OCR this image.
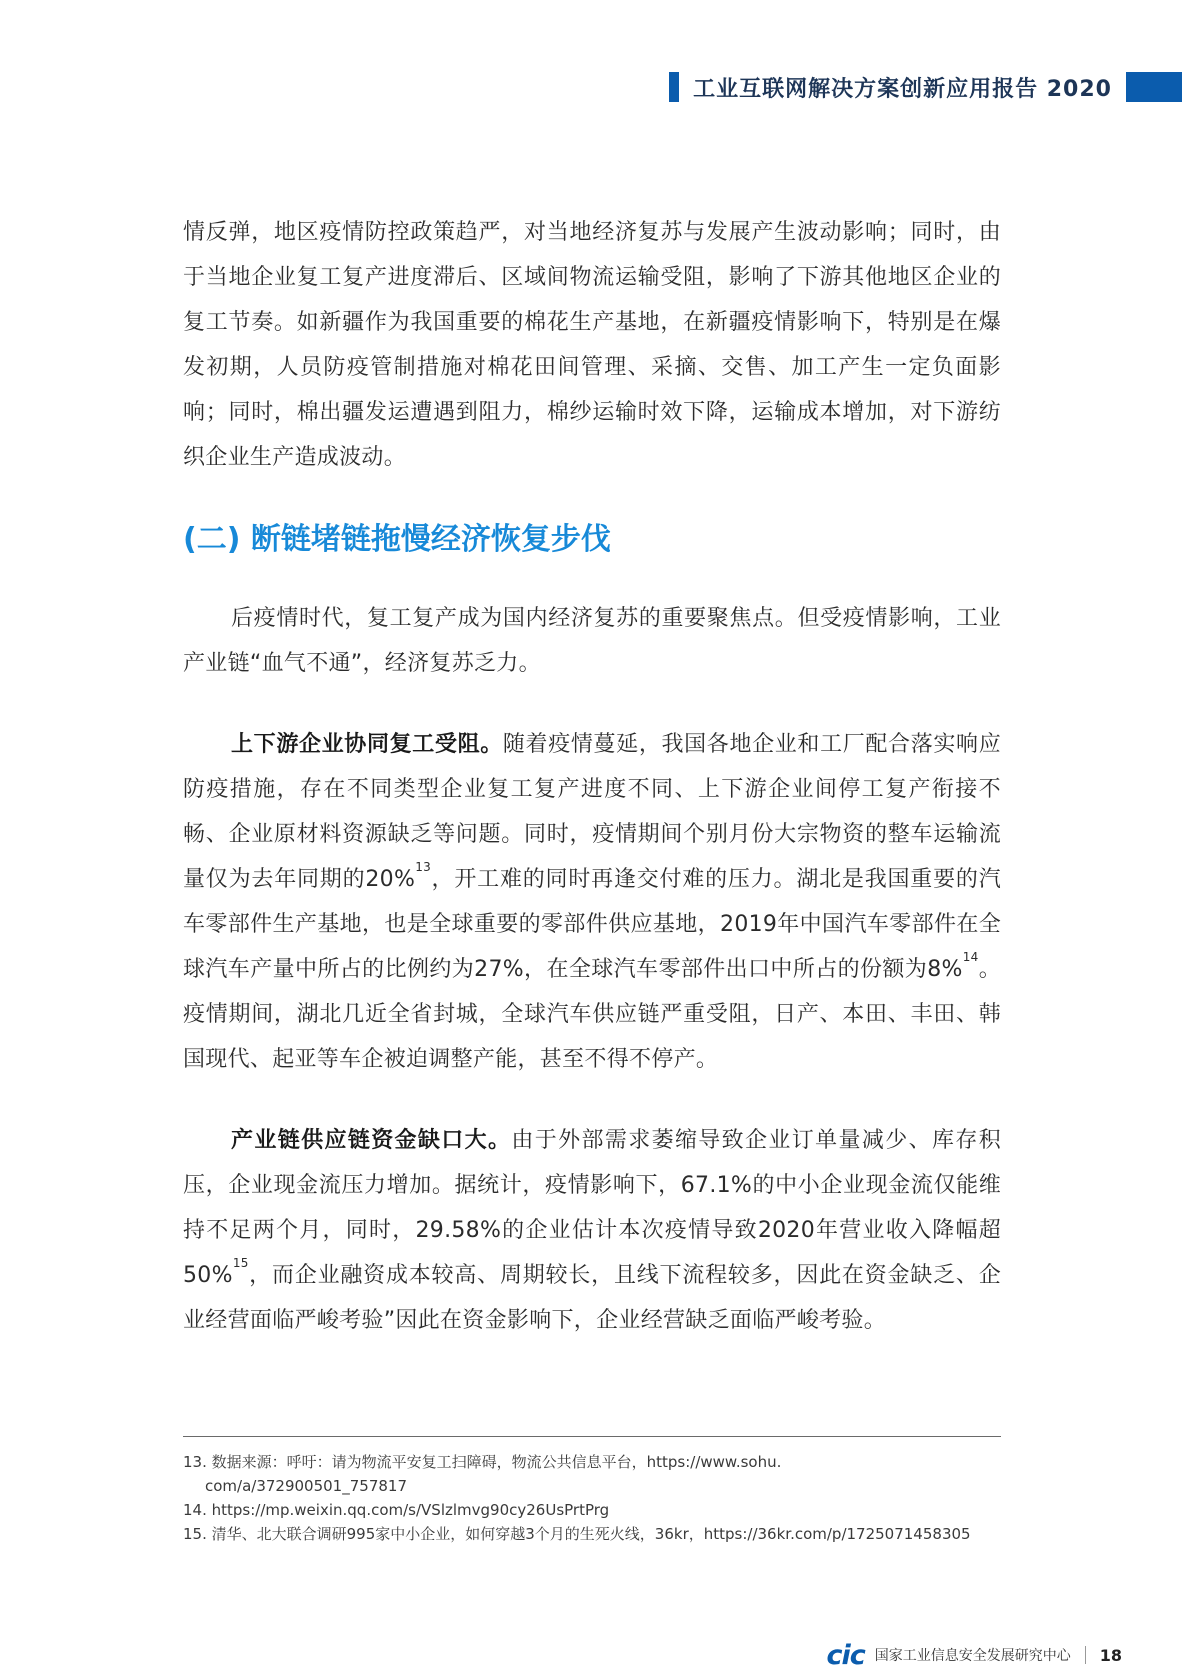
工业互联网解决方案创新应用报告 2020

情反弹，地区疫情防控政策趋严，对当地经济复苏与发展产生波动影响；同时，由于当地企业复工复产进度滞后、区域间物流运输受阻，影响了下游其他地区企业的复工节奏。如新疆作为我国重要的棉花生产基地，在新疆疫情影响下，特别是在爆发初期，人员防疫管制措施对棉花田间管理、采摘、交售、加工产生一定负面影响；同时，棉出疆发运遭遇到阻力，棉纱运输时效下降，运输成本增加，对下游纺织企业生产造成波动。

(二) 断链堵链拖慢经济恢复步伐

后疫情时代，复工复产成为国内经济复苏的重要聚焦点。但受疫情影响，工业产业链“血气不通”，经济复苏乏力。

上下游企业协同复工受阻。随着疫情蔓延，我国各地企业和工厂配合落实响应防疫措施，存在不同类型企业复工复产进度不同、上下游企业间停工复产衔接不畅、企业原材料资源缺乏等问题。同时，疫情期间个别月份大宗物资的整车运输流量仅为去年同期的20%$^{13}$，开工难的同时再逢交付难的压力。湖北是我国重要的汽车零部件生产基地，也是全球重要的零部件供应基地，2019年中国汽车零部件在全球汽车产量中所占的比例约为27%，在全球汽车零部件出口中所占的份额为8%$^{14}$。疫情期间，湖北几近全省封城，全球汽车供应链严重受阻，日产、本田、丰田、韩国现代、起亚等车企被迫调整产能，甚至不得不停产。

产业链供应链资金缺口大。由于外部需求萎缩导致企业订单量减少、库存积压，企业现金流压力增加。据统计，疫情影响下，67.1%的中小企业现金流仅能维持不足两个月，同时，29.58%的企业估计本次疫情导致2020年营业收入降幅超50%$^{15}$，而企业融资成本较高、周期较长，且线下流程较多，因此在资金缺乏、企业经营面临严峻考验”因此在资金影响下，企业经营缺乏面临严峻考验。

13. 数据来源：呼吁：请为物流平安复工扫障碍，物流公共信息平台，https://www.sohu.

com/a/372900501_757817

14. https://mp.weixin.qq.com/s/VSlzlmvg90cy26UsPrtPrg

15. 清华、北大联合调研995家中小企业，如何穿越3个月的生死火线，36kr，https://36kr.com/p/1725071458305

cic 国家工业信息安全发展研究中心 18
